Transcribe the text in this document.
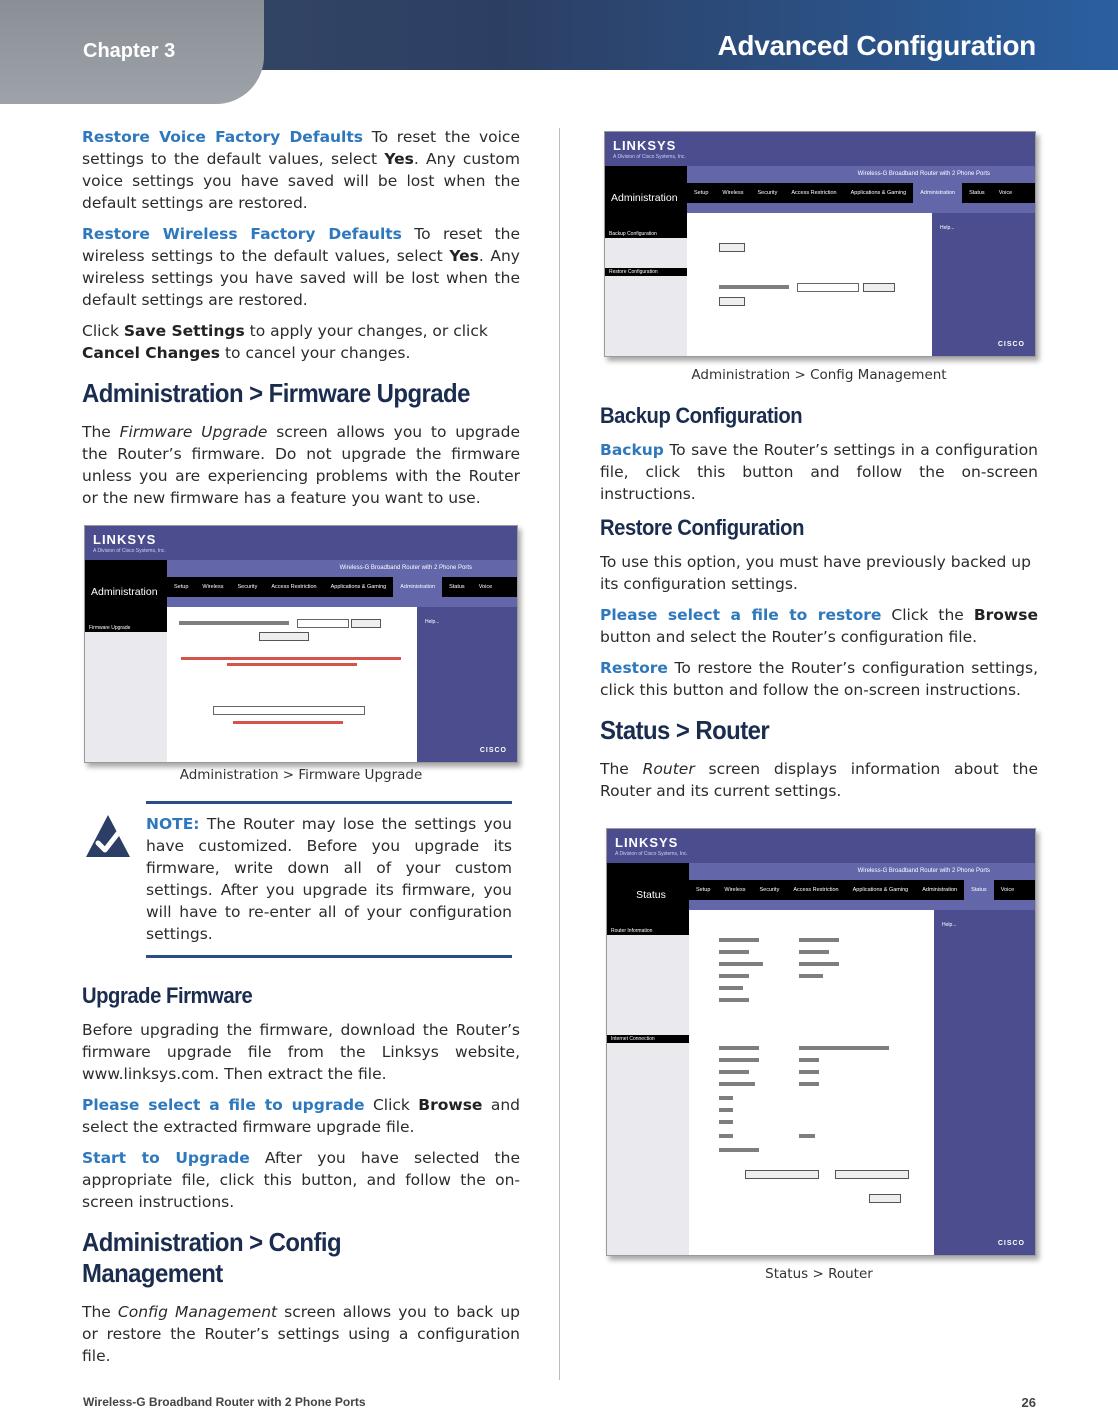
Chapter 3	Advanced Configuration

Restore Voice Factory Defaults To reset the voice settings to the default values, select Yes. Any custom voice settings you have saved will be lost when the default settings are restored.

Restore Wireless Factory Defaults To reset the wireless settings to the default values, select Yes. Any wireless settings you have saved will be lost when the default settings are restored.

Click Save Settings to apply your changes, or click Cancel Changes to cancel your changes.

Administration > Firmware Upgrade

The Firmware Upgrade screen allows you to upgrade the Router’s firmware. Do not upgrade the firmware unless you are experiencing problems with the Router or the new firmware has a feature you want to use.

LINKSYS
A Division of Cisco Systems, Inc.
Administration
Wireless-G Broadband Router with 2 Phone Ports
Setup	Wireless	Security	Access Restriction	Applications & Gaming	Administration	Status	Voice
Firmware Upgrade
Help...
CISCO
Administration > Firmware Upgrade
NOTE: The Router may lose the settings you have customized. Before you upgrade its firmware, write down all of your custom settings. After you upgrade its firmware, you will have to re-enter all of your configuration settings.
Upgrade Firmware

Before upgrading the firmware, download the Router’s firmware upgrade file from the Linksys website, www.linksys.com. Then extract the file.

Please select a file to upgrade Click Browse and select the extracted firmware upgrade file.

Start to Upgrade After you have selected the appropriate file, click this button, and follow the on-screen instructions.

Administration > Config Management

The Config Management screen allows you to back up or restore the Router’s settings using a configuration file.

LINKSYS
A Division of Cisco Systems, Inc.
Administration
Wireless-G Broadband Router with 2 Phone Ports
Setup	Wireless	Security	Access Restriction	Applications & Gaming	Administration	Status	Voice
Backup Configuration
Restore Configuration
Help...
CISCO
Administration > Config Management
Backup Configuration

Backup To save the Router’s settings in a configuration file, click this button and follow the on-screen instructions.

Restore Configuration

To use this option, you must have previously backed up its configuration settings.

Please select a file to restore Click the Browse button and select the Router’s configuration file.

Restore To restore the Router’s configuration settings, click this button and follow the on-screen instructions.

Status > Router

The Router screen displays information about the Router and its current settings.

LINKSYS
A Division of Cisco Systems, Inc.
Status
Wireless-G Broadband Router with 2 Phone Ports
Setup	Wireless	Security	Access Restriction	Applications & Gaming	Administration	Status	Voice
Router Information
Internet Connection
Help...
CISCO
Status > Router
Wireless-G Broadband Router with 2 Phone Ports	26
